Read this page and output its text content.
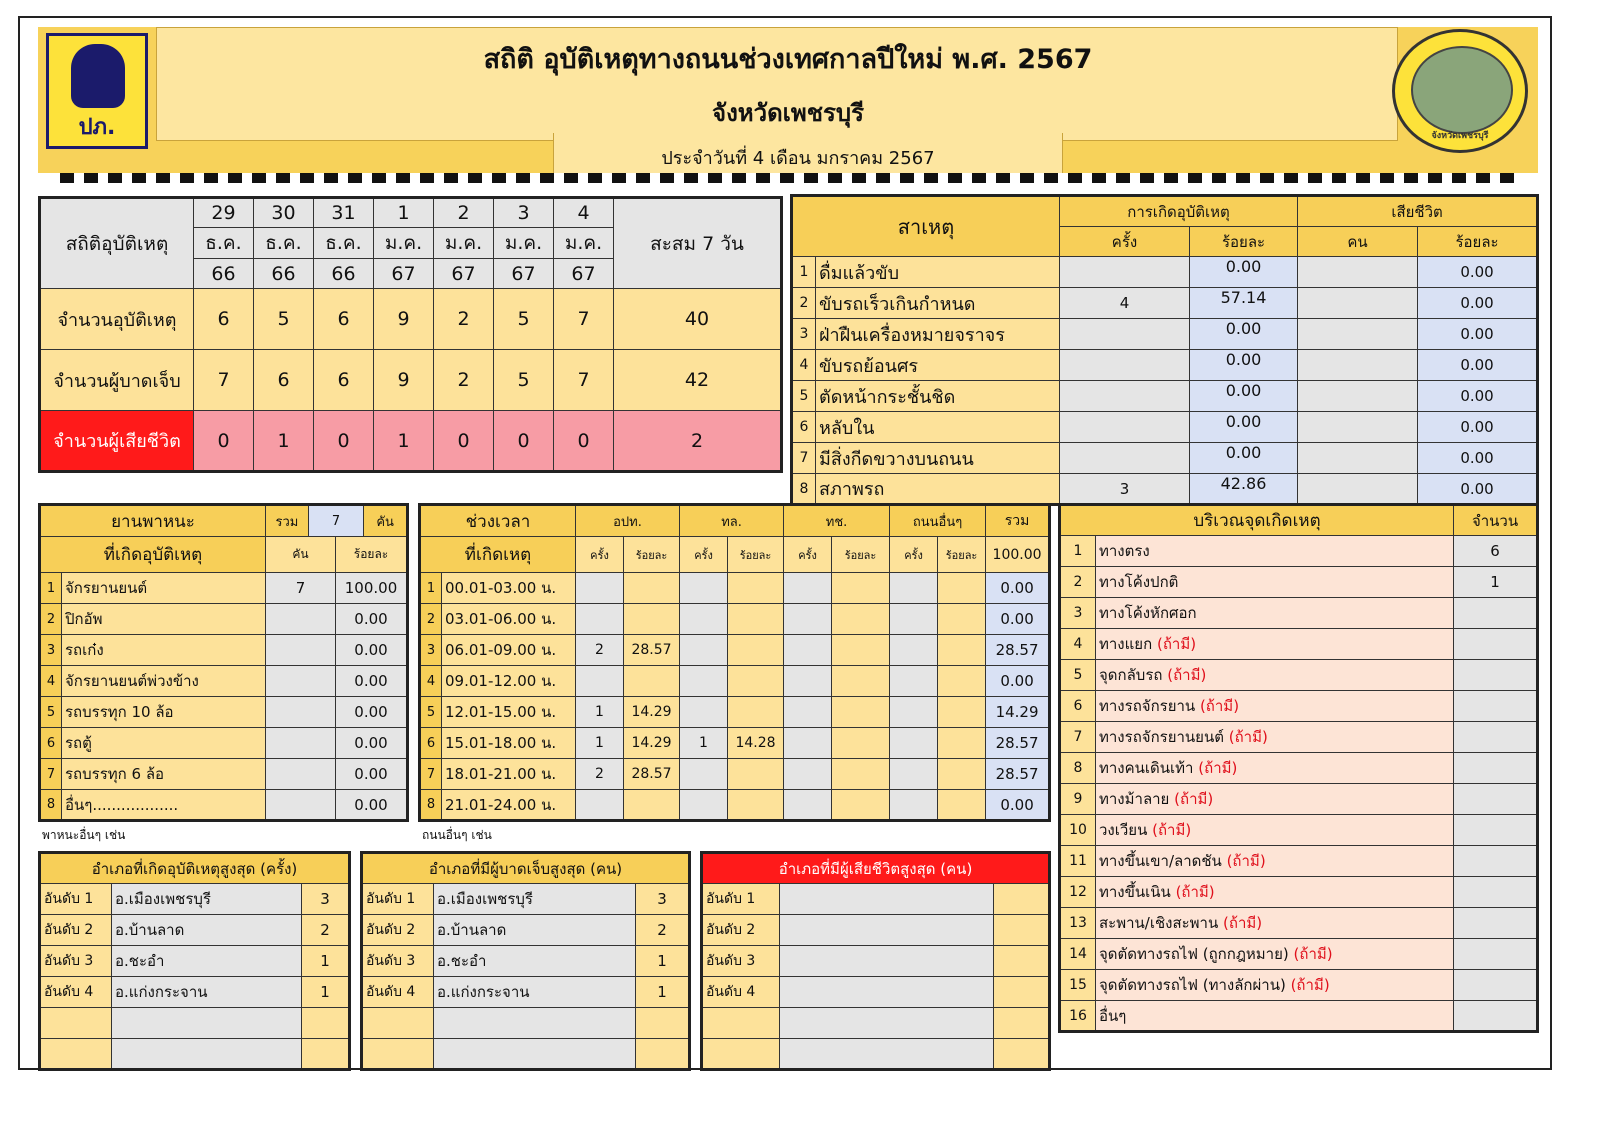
สถิติ อุบัติเหตุทางถนนช่วงเทศกาลปีใหม่ พ.ศ. 2567
จังหวัดเพชรบุรี
ประจำวันที่ 4 เดือน มกราคม 2567
ปภ.	จังหวัดเพชรบุรี
สถิติอุบัติเหตุ	29	30	31	1	2	3	4	สะสม 7 วัน
	ธ.ค.	ธ.ค.	ธ.ค.	ม.ค.	ม.ค.	ม.ค.	ม.ค.	
	66	66	66	67	67	67	67	
จำนวนอุบัติเหตุ	6	5	6	9	2	5	7	40
จำนวนผู้บาดเจ็บ	7	6	6	9	2	5	7	42
จำนวนผู้เสียชีวิต	0	1	0	1	0	0	0	2
สาเหตุ		การเกิดอุบัติเหตุ		เสียชีวิต	
		ครั้ง	ร้อยละ	คน	ร้อยละ
1	ดื่มแล้วขับ		0.00		0.00
2	ขับรถเร็วเกินกำหนด	4	57.14		0.00
3	ฝ่าฝืนเครื่องหมายจราจร		0.00		0.00
4	ขับรถย้อนศร		0.00		0.00
5	ตัดหน้ากระชั้นชิด		0.00		0.00
6	หลับใน		0.00		0.00
7	มีสิ่งกีดขวางบนถนน		0.00		0.00
8	สภาพรถ	3	42.86		0.00
ยานพาหนะ		รวม 7 คัน	

ที่เกิดอุบัติเหตุ		คัน	ร้อยละ
1	จักรยานยนต์	7	100.00
2	ปิกอัพ		0.00
3	รถเก๋ง		0.00
4	จักรยานยนต์พ่วงข้าง		0.00
5	รถบรรทุก 10 ล้อ		0.00
6	รถตู้		0.00
7	รถบรรทุก 6 ล้อ		0.00
8	อื่นๆ..................		0.00
พาหนะอื่นๆ เช่น
ช่วงเวลา		อปท.		ทล.		ทช.		ถนนอื่นๆ		รวม
ที่เกิดเหตุ		ครั้ง	ร้อยละ	ครั้ง	ร้อยละ	ครั้ง	ร้อยละ	ครั้ง	ร้อยละ	100.00
1	00.01-03.00 น.									0.00
2	03.01-06.00 น.									0.00
3	06.01-09.00 น.	2	28.57							28.57
4	09.01-12.00 น.									0.00
5	12.01-15.00 น.	1	14.29							14.29
6	15.01-18.00 น.	1	14.29	1	14.28					28.57
7	18.01-21.00 น.	2	28.57							28.57
8	21.01-24.00 น.									0.00
ถนนอื่นๆ เช่น
บริเวณจุดเกิดเหตุ		จำนวน
1	ทางตรง	6
2	ทางโค้งปกติ	1
3	ทางโค้งหักศอก	
4	ทางแยก (ถ้ามี)	
5	จุดกลับรถ (ถ้ามี)	
6	ทางรถจักรยาน (ถ้ามี)	
7	ทางรถจักรยานยนต์ (ถ้ามี)	
8	ทางคนเดินเท้า (ถ้ามี)	
9	ทางม้าลาย (ถ้ามี)	
10	วงเวียน (ถ้ามี)	
11	ทางขึ้นเขา/ลาดชัน (ถ้ามี)	
12	ทางขึ้นเนิน (ถ้ามี)	
13	สะพาน/เชิงสะพาน (ถ้ามี)	
14	จุดตัดทางรถไฟ (ถูกกฎหมาย) (ถ้ามี)	
15	จุดตัดทางรถไฟ (ทางลักผ่าน) (ถ้ามี)	
16	อื่นๆ	
อำเภอที่เกิดอุบัติเหตุสูงสุด (ครั้ง)		
อันดับ 1	อ.เมืองเพชรบุรี	3
อันดับ 2	อ.บ้านลาด	2
อันดับ 3	อ.ชะอำ	1
อันดับ 4	อ.แก่งกระจาน	1

อำเภอที่มีผู้บาดเจ็บสูงสุด (คน)		
อันดับ 1	อ.เมืองเพชรบุรี	3
อันดับ 2	อ.บ้านลาด	2
อันดับ 3	อ.ชะอำ	1
อันดับ 4	อ.แก่งกระจาน	1

อำเภอที่มีผู้เสียชีวิตสูงสุด (คน)		
อันดับ 1		
อันดับ 2		
อันดับ 3		
อันดับ 4		
